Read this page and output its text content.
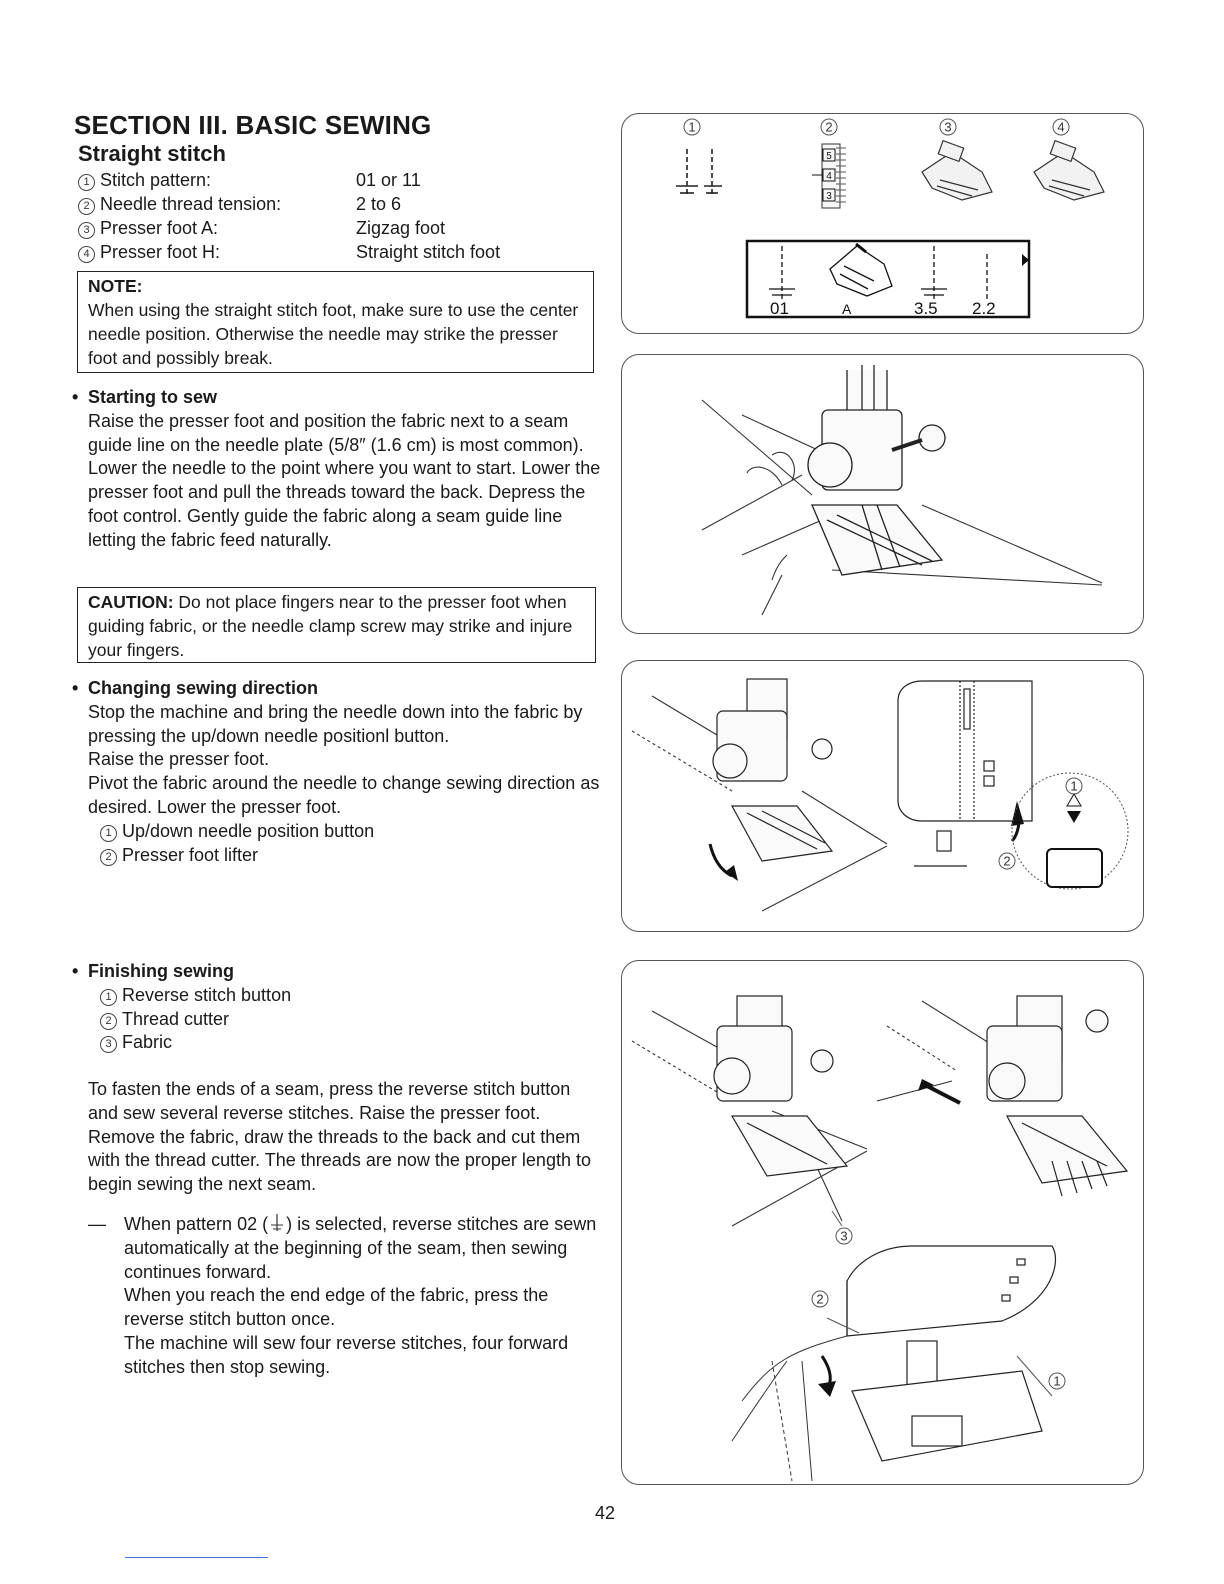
SECTION III. BASIC SEWING
Straight stitch
1 Stitch pattern:	01 or 11
2 Needle thread tension:	2 to 6
3 Presser foot A:	Zigzag foot
4 Presser foot H:	Straight stitch foot
NOTE:
When using the straight stitch foot, make sure to use the center needle position. Otherwise the needle may strike the presser foot and possibly break.
• Starting to sew
Raise the presser foot and position the fabric next to a seam guide line on the needle plate (5/8″ (1.6 cm) is most common). Lower the needle to the point where you want to start. Lower the presser foot and pull the threads toward the back. Depress the foot control. Gently guide the fabric along a seam guide line letting the fabric feed naturally.
CAUTION: Do not place fingers near to the presser foot when guiding fabric, or the needle clamp screw may strike and injure your fingers.
• Changing sewing direction
Stop the machine and bring the needle down into the fabric by pressing the up/down needle positionl button.
Raise the presser foot.
Pivot the fabric around the needle to change sewing direction as desired. Lower the presser foot.
1 Up/down needle position button
2 Presser foot lifter
• Finishing sewing
1 Reverse stitch button
2 Thread cutter
3 Fabric
To fasten the ends of a seam, press the reverse stitch button and sew several reverse stitches. Raise the presser foot. Remove the fabric, draw the threads to the back and cut them with the thread cutter. The threads are now the proper length to begin sewing the next seam.
— When pattern 02 ( ) is selected, reverse stitches are sewn automatically at the beginning of the seam, then sewing continues forward.
When you reach the end edge of the fabric, press the reverse stitch button once.
The machine will sew four reverse stitches, four forward stitches then stop sewing.
1	2	3	4
5
4
3
01	A	3.5 2.2
1
2
3
2
1
42
